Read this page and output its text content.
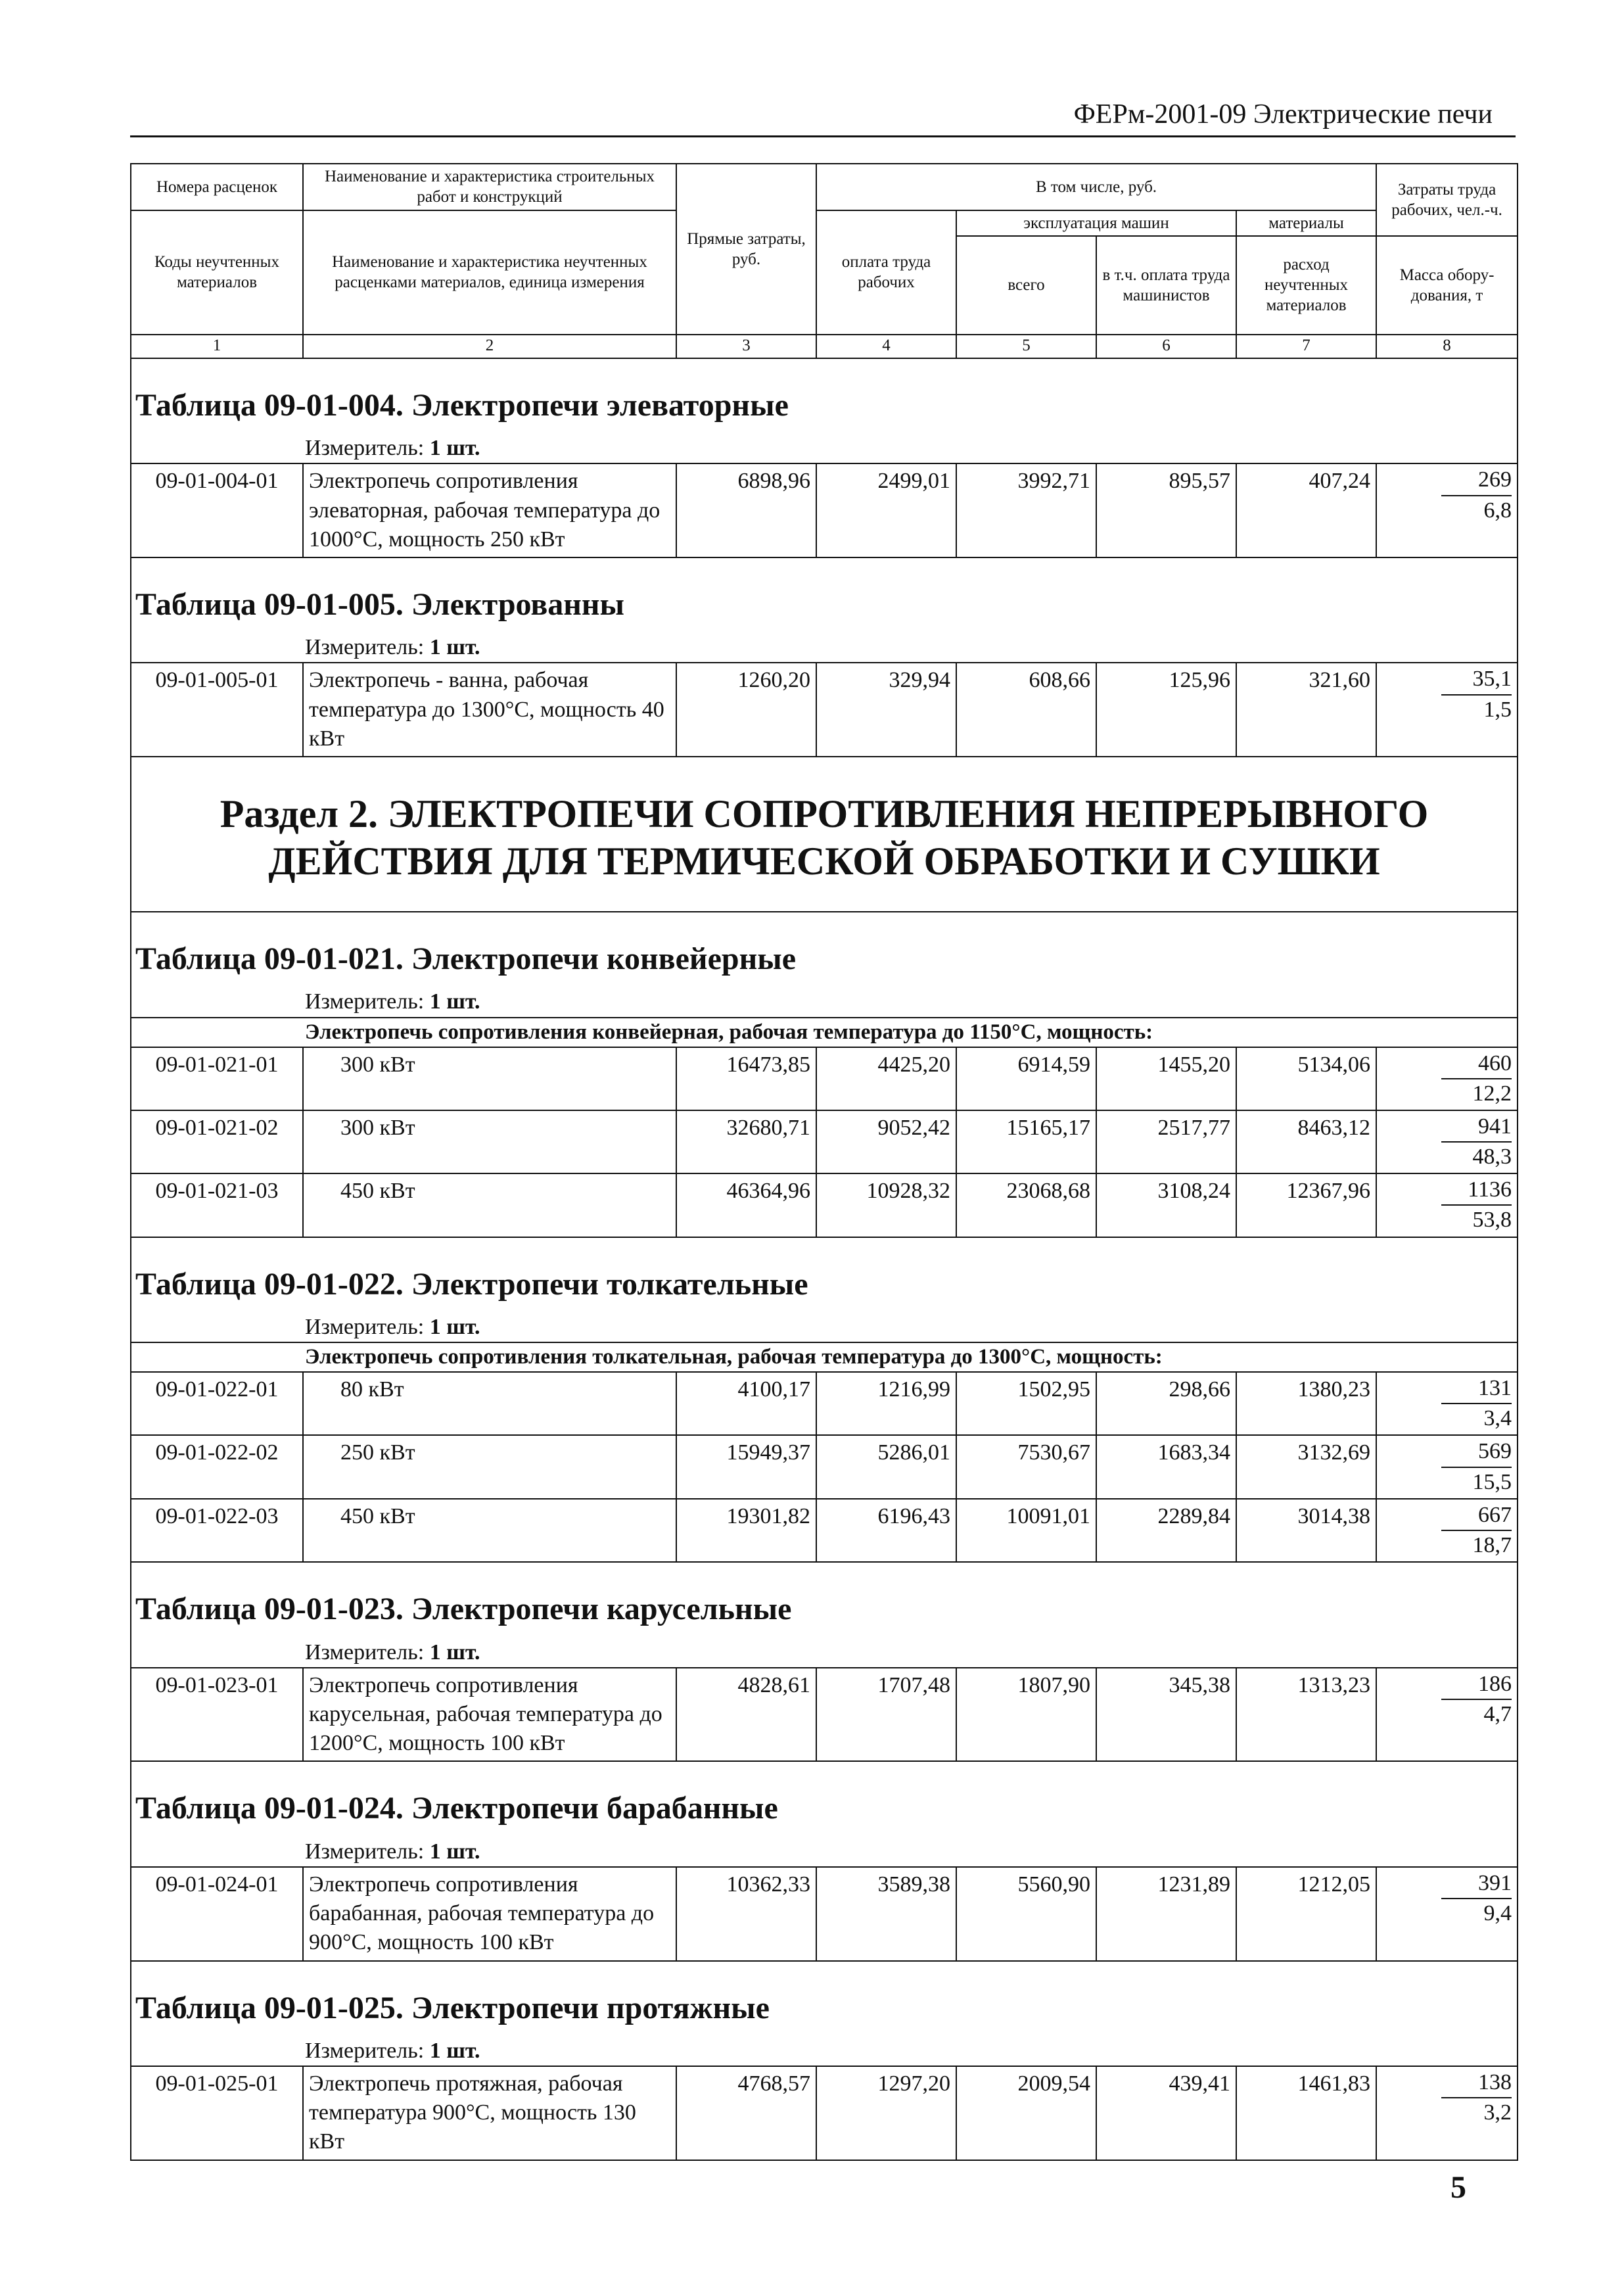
ФЕРм-2001-09 Электрические печи
Номера расценок	Наименование и характеристика строительных работ и конструкций	Прямые затраты, руб.	В том числе, руб.				Затраты труда рабочих, чел.-ч.
Коды неучтенных материалов	Наименование и характеристика неучтенных расценками материалов, единица измерения		оплата труда рабочих	эксплуатация машин		материалы	
				всего	в т.ч. оплата труда машинистов	расход неучтенных материалов	Масса обору-дования, т
1	2	3	4	5	6	7	8
Таблица 09-01-004. Электропечи элеваторные							
Измеритель: 1 шт.							
09-01-004-01	Электропечь сопротивления элеваторная, рабочая температура до 1000°С, мощность 250 кВт	6898,96	2499,01	3992,71	895,57	407,24	269
6,8

Таблица 09-01-005. Электрованны							
Измеритель: 1 шт.							
09-01-005-01	Электропечь - ванна, рабочая температура до 1300°С, мощность 40 кВт	1260,20	329,94	608,66	125,96	321,60	35,1
1,5

Раздел 2. ЭЛЕКТРОПЕЧИ СОПРОТИВЛЕНИЯ НЕПРЕРЫВНОГО ДЕЙСТВИЯ ДЛЯ ТЕРМИЧЕСКОЙ ОБРАБОТКИ И СУШКИ							
Таблица 09-01-021. Электропечи конвейерные							
Измеритель: 1 шт.							
Электропечь сопротивления конвейерная, рабочая температура до 1150°С, мощность:							
09-01-021-01	300 кВт	16473,85	4425,20	6914,59	1455,20	5134,06	460
12,2

09-01-021-02	300 кВт	32680,71	9052,42	15165,17	2517,77	8463,12	941
48,3

09-01-021-03	450 кВт	46364,96	10928,32	23068,68	3108,24	12367,96	1136
53,8

Таблица 09-01-022. Электропечи толкательные							
Измеритель: 1 шт.							
Электропечь сопротивления толкательная, рабочая температура до 1300°С, мощность:							
09-01-022-01	80 кВт	4100,17	1216,99	1502,95	298,66	1380,23	131
3,4

09-01-022-02	250 кВт	15949,37	5286,01	7530,67	1683,34	3132,69	569
15,5

09-01-022-03	450 кВт	19301,82	6196,43	10091,01	2289,84	3014,38	667
18,7

Таблица 09-01-023. Электропечи карусельные							
Измеритель: 1 шт.							
09-01-023-01	Электропечь сопротивления карусельная, рабочая температура до 1200°С, мощность 100 кВт	4828,61	1707,48	1807,90	345,38	1313,23	186
4,7

Таблица 09-01-024. Электропечи барабанные							
Измеритель: 1 шт.							
09-01-024-01	Электропечь сопротивления барабанная, рабочая температура до 900°С, мощность 100 кВт	10362,33	3589,38	5560,90	1231,89	1212,05	391
9,4

Таблица 09-01-025. Электропечи протяжные							
Измеритель: 1 шт.							
09-01-025-01	Электропечь протяжная, рабочая температура 900°С, мощность 130 кВт	4768,57	1297,20	2009,54	439,41	1461,83	138
3,2
5
